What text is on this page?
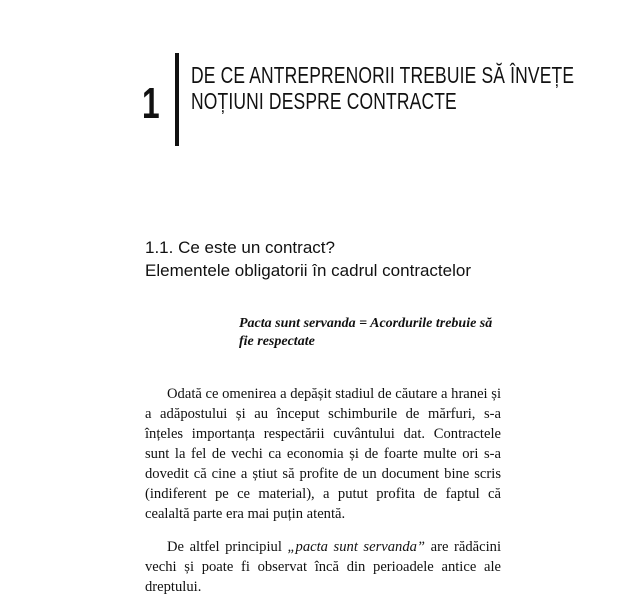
1
DE CE ANTREPRENORII TREBUIE SĂ ÎNVEȚE
NOȚIUNI DESPRE CONTRACTE
1.1. Ce este un contract?
Elementele obligatorii în cadrul contractelor
Pacta sunt servanda = Acordurile trebuie să fie respectate

Odată ce omenirea a depășit stadiul de căutare a hranei și a adăpostului și au început schimburile de mărfuri, s-a înțeles importanța respectării cuvântului dat. Contractele sunt la fel de vechi ca economia și de foarte multe ori s-a dovedit că cine a știut să profite de un document bine scris (indiferent pe ce material), a putut profita de faptul că cealaltă parte era mai puțin atentă.

De altfel principiul „pacta sunt servanda” are rădăcini vechi și poate fi observat încă din perioadele antice ale dreptului.
